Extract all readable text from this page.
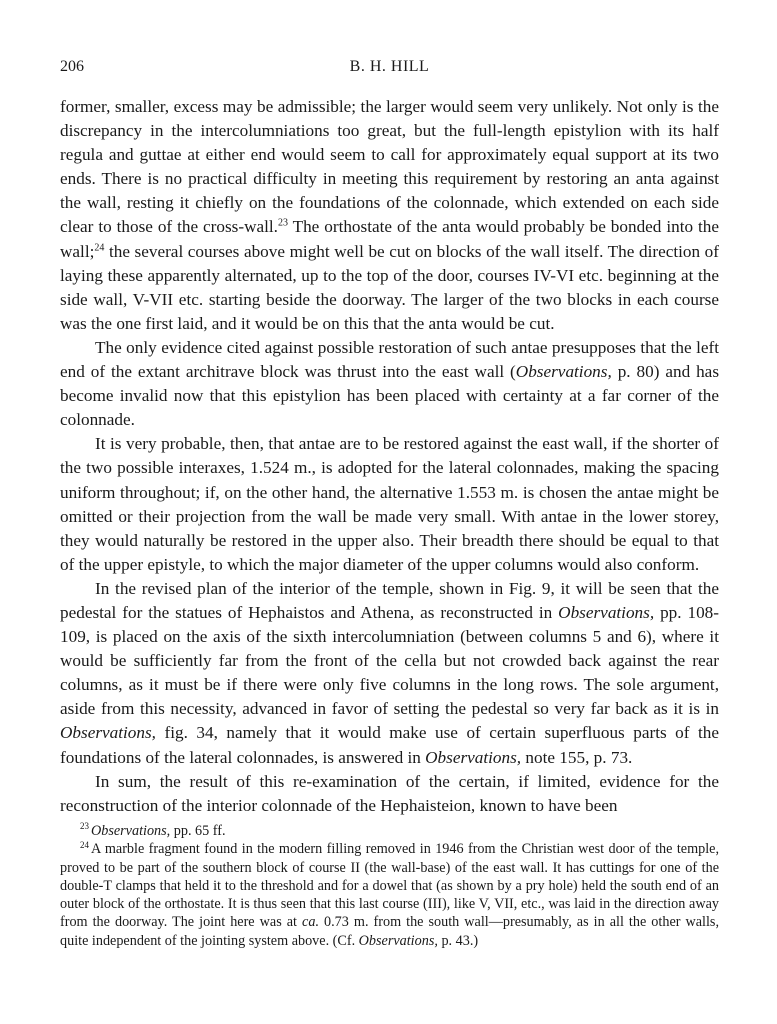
206	B. H. HILL

former, smaller, excess may be admissible; the larger would seem very unlikely. Not only is the discrepancy in the intercolumniations too great, but the full-length epistylion with its half regula and guttae at either end would seem to call for approximately equal support at its two ends. There is no practical difficulty in meeting this requirement by restoring an anta against the wall, resting it chiefly on the foundations of the colonnade, which extended on each side clear to those of the cross-wall.$^{23}$ The orthostate of the anta would probably be bonded into the wall;$^{24}$ the several courses above might well be cut on blocks of the wall itself. The direction of laying these apparently alternated, up to the top of the door, courses IV-VI etc. beginning at the side wall, V-VII etc. starting beside the doorway. The larger of the two blocks in each course was the one first laid, and it would be on this that the anta would be cut.

The only evidence cited against possible restoration of such antae presupposes that the left end of the extant architrave block was thrust into the east wall (Observations, p. 80) and has become invalid now that this epistylion has been placed with certainty at a far corner of the colonnade.

It is very probable, then, that antae are to be restored against the east wall, if the shorter of the two possible interaxes, 1.524 m., is adopted for the lateral colonnades, making the spacing uniform throughout; if, on the other hand, the alternative 1.553 m. is chosen the antae might be omitted or their projection from the wall be made very small. With antae in the lower storey, they would naturally be restored in the upper also. Their breadth there should be equal to that of the upper epistyle, to which the major diameter of the upper columns would also conform.

In the revised plan of the interior of the temple, shown in Fig. 9, it will be seen that the pedestal for the statues of Hephaistos and Athena, as reconstructed in Observations, pp. 108-109, is placed on the axis of the sixth intercolumniation (between columns 5 and 6), where it would be sufficiently far from the front of the cella but not crowded back against the rear columns, as it must be if there were only five columns in the long rows. The sole argument, aside from this necessity, advanced in favor of setting the pedestal so very far back as it is in Observations, fig. 34, namely that it would make use of certain superfluous parts of the foundations of the lateral colonnades, is answered in Observations, note 155, p. 73.

In sum, the result of this re-examination of the certain, if limited, evidence for the reconstruction of the interior colonnade of the Hephaisteion, known to have been

$^{23}$ Observations, pp. 65 ff.

$^{24}$ A marble fragment found in the modern filling removed in 1946 from the Christian west door of the temple, proved to be part of the southern block of course II (the wall-base) of the east wall. It has cuttings for one of the double-T clamps that held it to the threshold and for a dowel that (as shown by a pry hole) held the south end of an outer block of the orthostate. It is thus seen that this last course (III), like V, VII, etc., was laid in the direction away from the doorway. The joint here was at ca. 0.73 m. from the south wall—presumably, as in all the other walls, quite independent of the jointing system above. (Cf. Observations, p. 43.)
